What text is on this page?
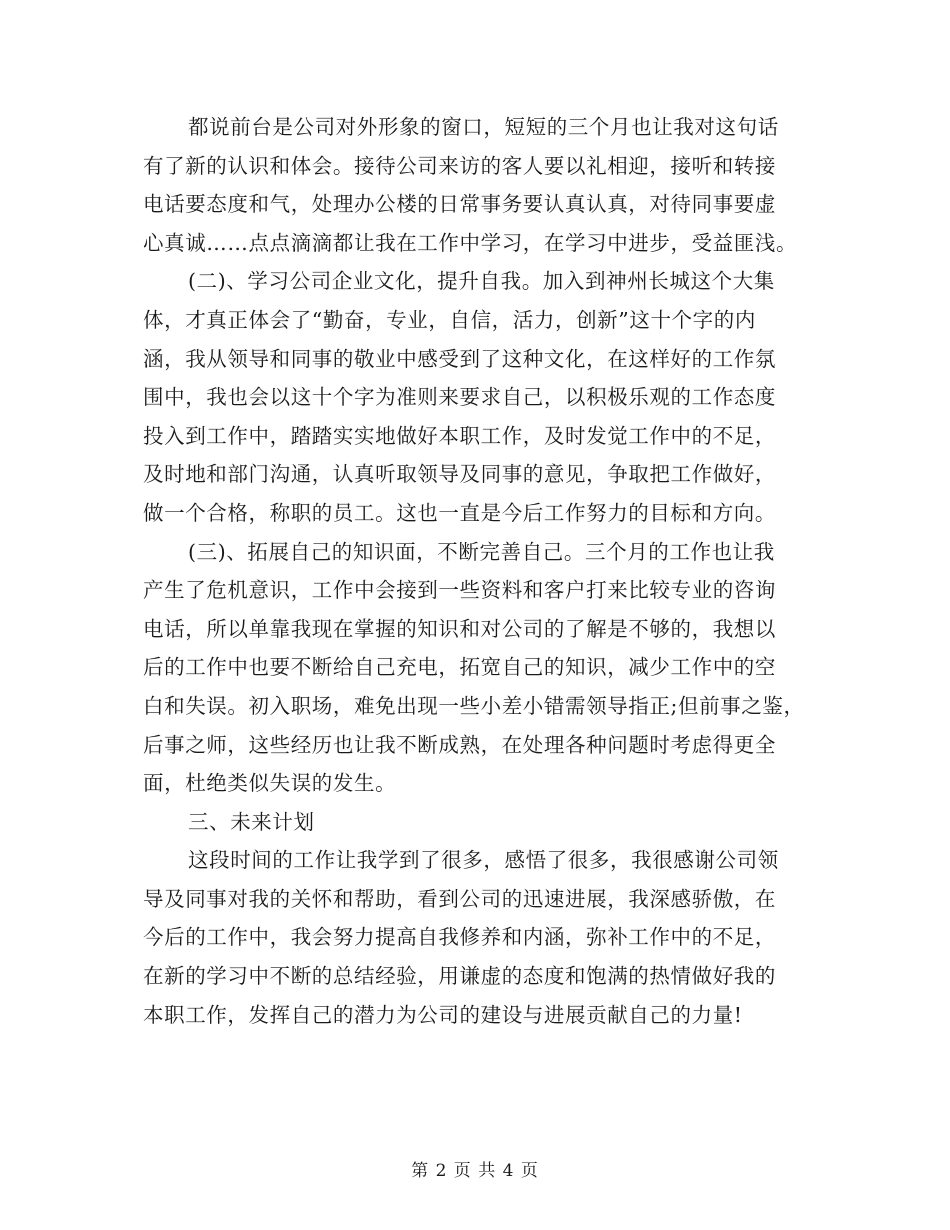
都说前台是公司对外形象的窗口，短短的三个月也让我对这句话
有了新的认识和体会。接待公司来访的客人要以礼相迎，接听和转接
电话要态度和气，处理办公楼的日常事务要认真认真，对待同事要虚
心真诚……点点滴滴都让我在工作中学习，在学习中进步，受益匪浅。
(二)、学习公司企业文化，提升自我。加入到神州长城这个大集
体，才真正体会了“勤奋，专业，自信，活力，创新”这十个字的内
涵，我从领导和同事的敬业中感受到了这种文化，在这样好的工作氛
围中，我也会以这十个字为准则来要求自己，以积极乐观的工作态度
投入到工作中，踏踏实实地做好本职工作，及时发觉工作中的不足，
及时地和部门沟通，认真听取领导及同事的意见，争取把工作做好，
做一个合格，称职的员工。这也一直是今后工作努力的目标和方向。
(三)、拓展自己的知识面，不断完善自己。三个月的工作也让我
产生了危机意识，工作中会接到一些资料和客户打来比较专业的咨询
电话，所以单靠我现在掌握的知识和对公司的了解是不够的，我想以
后的工作中也要不断给自己充电，拓宽自己的知识，减少工作中的空
白和失误。初入职场，难免出现一些小差小错需领导指正;但前事之鉴，
后事之师，这些经历也让我不断成熟，在处理各种问题时考虑得更全
面，杜绝类似失误的发生。
三、未来计划
这段时间的工作让我学到了很多，感悟了很多，我很感谢公司领
导及同事对我的关怀和帮助，看到公司的迅速进展，我深感骄傲，在
今后的工作中，我会努力提高自我修养和内涵，弥补工作中的不足，
在新的学习中不断的总结经验，用谦虚的态度和饱满的热情做好我的
本职工作，发挥自己的潜力为公司的建设与进展贡献自己的力量!
第 2 页 共 4 页
